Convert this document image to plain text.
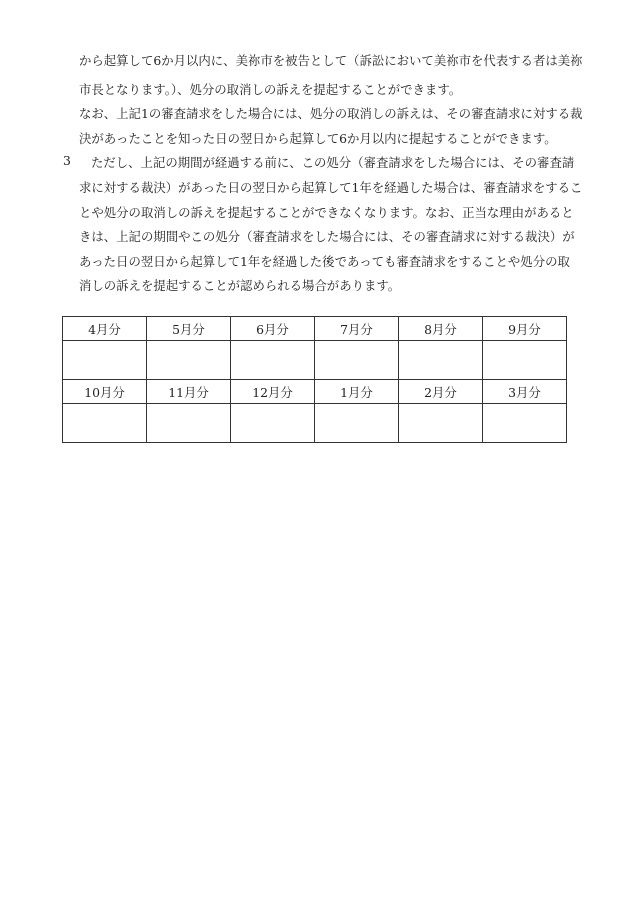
から起算して6か月以内に、美祢市を被告として（訴訟において美祢市を代表する者は美祢
市長となります。）、処分の取消しの訴えを提起することができます。
なお、上記1の審査請求をした場合には、処分の取消しの訴えは、その審査請求に対する裁
決があったことを知った日の翌日から起算して6か月以内に提起することができます。
3 ただし、上記の期間が経過する前に、この処分（審査請求をした場合には、その審査請
求に対する裁決）があった日の翌日から起算して1年を経過した場合は、審査請求をするこ
とや処分の取消しの訴えを提起することができなくなります。なお、正当な理由があると
きは、上記の期間やこの処分（審査請求をした場合には、その審査請求に対する裁決）が
あった日の翌日から起算して1年を経過した後であっても審査請求をすることや処分の取
消しの訴えを提起することが認められる場合があります。
4月分	5月分	6月分	7月分	8月分	9月分

10月分	11月分	12月分	1月分	2月分	3月分
